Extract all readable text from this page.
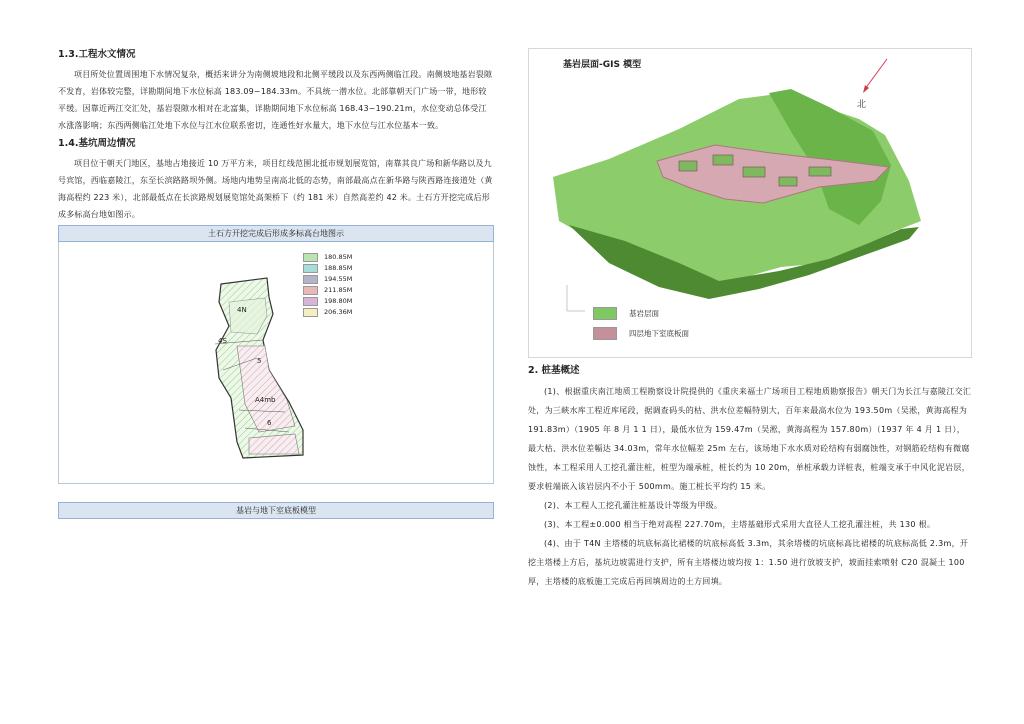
1.3.工程水文情况

项目所处位置周围地下水情况复杂，概括来讲分为南侧坡地段和北侧平缓段以及东西两侧临江段。南侧坡地基岩裂隙不发育，岩体较完整，详勘期间地下水位标高 183.09~184.33m。不具统一潜水位。北部靠朝天门广场一带，地形较平缓。因靠近两江交汇处，基岩裂隙水相对在北富集，详勘期间地下水位标高 168.43~190.21m，水位变动总体受江水涨落影响；东西两侧临江处地下水位与江水位联系密切，连通性好水量大，地下水位与江水位基本一致。

1.4.基坑周边情况

项目位于朝天门地区，基地占地接近 10 万平方米，项目红线范围北抵市规划展览馆，南靠其良广场和新华路以及九号宾馆，西临嘉陵江，东至长滨路路坝外侧。场地内地势呈南高北低的态势，南部最高点在新华路与陕西路连接道处（黄海高程约 223 米），北部最低点在长滨路规划展览馆处高架桥下（约 181 米）自然高差约 42 米。土石方开挖完成后形成多标高台地如图示。

土石方开挖完成后形成多标高台地图示
4N
4S
5
A4mb
6
180.85M
188.85M
194.55M
211.85M
198.80M
206.36M
基岩与地下室底板模型
基岩层面-GIS 模型
北
基岩层面
四层地下室底板面
2. 桩基概述

(1)、根据重庆南江地质工程勘察设计院提供的《重庆来福士广场项目工程地质勘察报告》朝天门为长江与嘉陵江交汇处，为三峡水库工程近库尾段，据调查码头的枯、洪水位差幅特别大，百年来最高水位为 193.50m（吴淞，黄海高程为 191.83m）（1905 年 8 月 1 1 日），最低水位为 159.47m（吴淞，黄海高程为 157.80m）（1937 年 4 月 1 日），最大枯、洪水位差幅达 34.03m，常年水位幅差 25m 左右，该场地下水水质对砼结构有弱腐蚀性，对钢筋砼结构有微腐蚀性，本工程采用人工挖孔灌注桩，桩型为端承桩，桩长约为 10 20m，单桩承载力详桩表，桩端支承于中风化泥岩层，要求桩端嵌入该岩层内不小于 500mm。施工桩长平均约 15 米。

(2)、本工程人工挖孔灌注桩基设计等级为甲级。

(3)、本工程±0.000 相当于绝对高程 227.70m，主塔基础形式采用大直径人工挖孔灌注桩，共 130 根。

(4)、由于 T4N 主塔楼的坑底标高比裙楼的坑底标高低 3.3m，其余塔楼的坑底标高比裙楼的坑底标高低 2.3m，开挖主塔楼上方后，基坑边坡需进行支护，所有主塔楼边坡均按 1：1.50 进行放坡支护，坡面挂索喷射 C20 混凝土 100 厚，主塔楼的底板施工完成后再回填周边的土方回填。
